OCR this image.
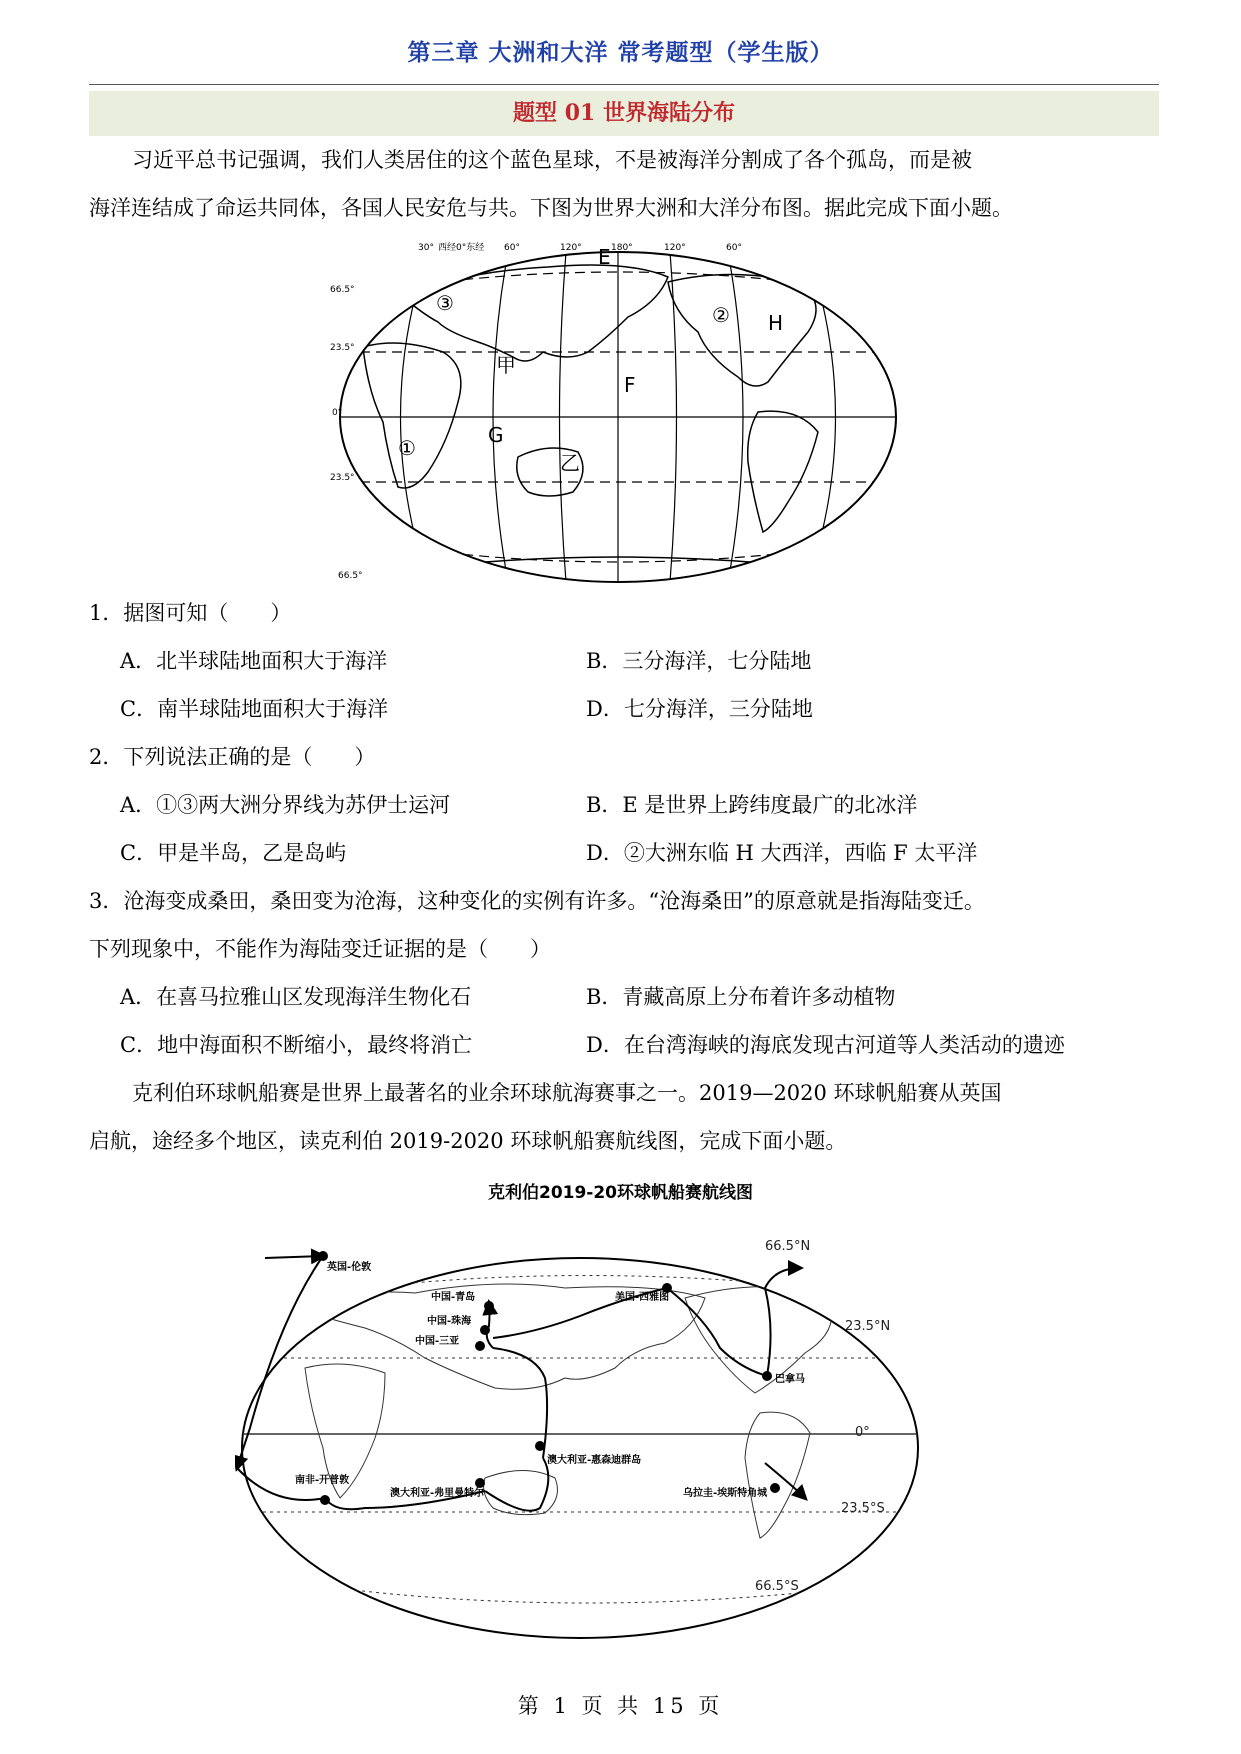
第三章 大洲和大洋 常考题型（学生版）
题型 01 世界海陆分布
习近平总书记强调，我们人类居住的这个蓝色星球，不是被海洋分割成了各个孤岛，而是被
海洋连结成了命运共同体，各国人民安危与共。下图为世界大洲和大洋分布图。据此完成下面小题。
30° 西经0°东经 60°	120°	180°	120°	60°
66.5°
23.5°
0°
23.5°
66.5°
E
H
F
G
甲
乙
①
②
③
1．据图可知（　　）
A．北半球陆地面积大于海洋	B．三分海洋，七分陆地
C．南半球陆地面积大于海洋	D．七分海洋，三分陆地
2．下列说法正确的是（　　）
A．①③两大洲分界线为苏伊士运河	B．E 是世界上跨纬度最广的北冰洋
C．甲是半岛，乙是岛屿	D．②大洲东临 H 大西洋，西临 F 太平洋
3．沧海变成桑田，桑田变为沧海，这种变化的实例有许多。“沧海桑田”的原意就是指海陆变迁。
下列现象中，不能作为海陆变迁证据的是（　　）
A．在喜马拉雅山区发现海洋生物化石	B．青藏高原上分布着许多动植物
C．地中海面积不断缩小，最终将消亡	D．在台湾海峡的海底发现古河道等人类活动的遗迹
克利伯环球帆船赛是世界上最著名的业余环球航海赛事之一。2019—2020 环球帆船赛从英国
启航，途经多个地区，读克利伯 2019-2020 环球帆船赛航线图，完成下面小题。
克利伯2019-20环球帆船赛航线图
英国-伦敦
中国-青岛
中国-珠海
中国-三亚
美国-西雅图
巴拿马
澳大利亚-惠森迪群岛
南非-开普敦
澳大利亚-弗里曼特尔	乌拉圭-埃斯特角城
66.5°N
23.5°N
0°
23.5°S
66.5°S
第 1 页 共 15 页
